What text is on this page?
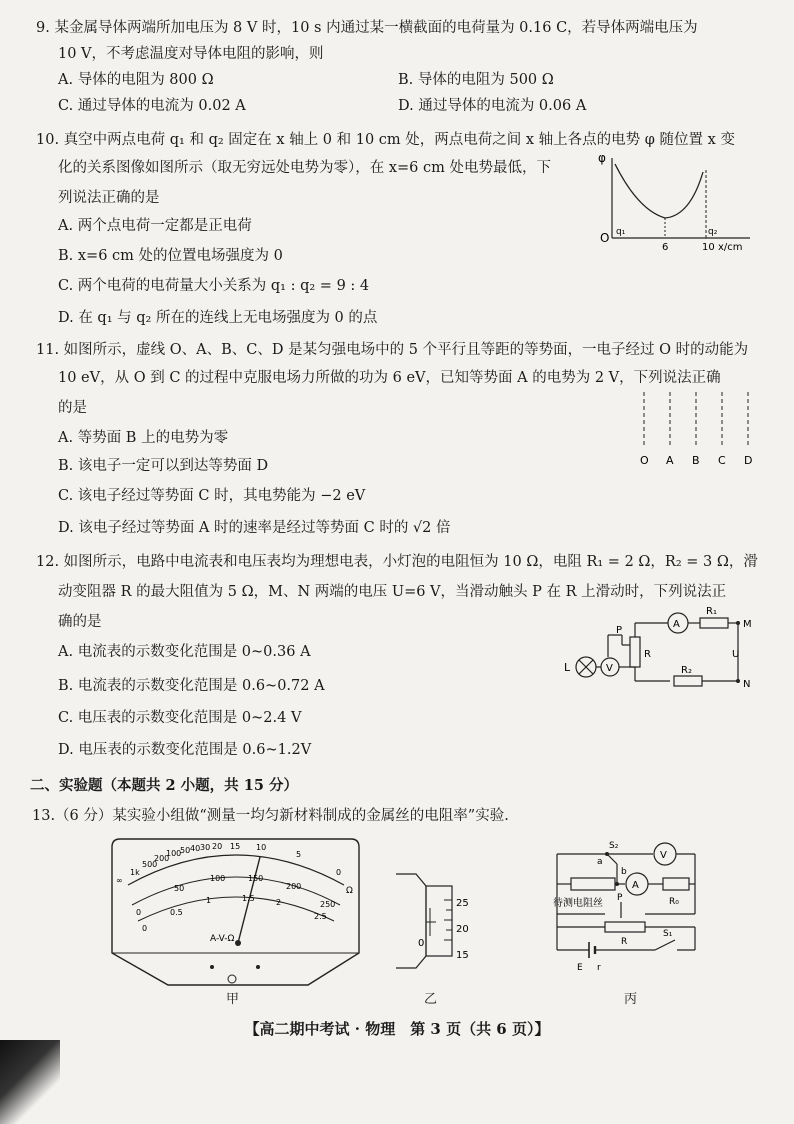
9. 某金属导体两端所加电压为 8 V 时，10 s 内通过某一横截面的电荷量为 0.16 C，若导体两端电压为
10 V，不考虑温度对导体电阻的影响，则
A. 导体的电阻为 800 Ω	B. 导体的电阻为 500 Ω
C. 通过导体的电流为 0.02 A	D. 通过导体的电流为 0.06 A
10. 真空中两点电荷 q₁ 和 q₂ 固定在 x 轴上 0 和 10 cm 处，两点电荷之间 x 轴上各点的电势 φ 随位置 x 变
化的关系图像如图所示（取无穷远处电势为零），在 x=6 cm 处电势最低，下
列说法正确的是
A. 两个点电荷一定都是正电荷
B. x=6 cm 处的位置电场强度为 0
C. 两个电荷的电荷量大小关系为 q₁ : q₂ = 9 : 4
D. 在 q₁ 与 q₂ 所在的连线上无电场强度为 0 的点
φ
O q₁	q₂
6	10 x/cm
11. 如图所示，虚线 O、A、B、C、D 是某匀强电场中的 5 个平行且等距的等势面，一电子经过 O 时的动能为
10 eV，从 O 到 C 的过程中克服电场力所做的功为 6 eV，已知等势面 A 的电势为 2 V，下列说法正确
的是
A. 等势面 B 上的电势为零
B. 该电子一定可以到达等势面 D
C. 该电子经过等势面 C 时，其电势能为 −2 eV
D. 该电子经过等势面 A 时的速率是经过等势面 C 时的 √2 倍
O A B C D
12. 如图所示，电路中电流表和电压表均为理想电表，小灯泡的电阻恒为 10 Ω，电阻 R₁ = 2 Ω，R₂ = 3 Ω，滑
动变阻器 R 的最大阻值为 5 Ω，M、N 两端的电压 U=6 V，当滑动触头 P 在 R 上滑动时，下列说法正
确的是
A. 电流表的示数变化范围是 0~0.36 A
B. 电流表的示数变化范围是 0.6~0.72 A
C. 电压表的示数变化范围是 0~2.4 V
D. 电压表的示数变化范围是 0.6~1.2V
A
V
R₁
R₂
R
P
L
M
N
U
二、实验题（本题共 2 小题，共 15 分）
13.（6 分）某实验小组做“测量一均匀新材料制成的金属丝的电阻率”实验.
∞
1k
500
200
100
50 40 30 20 15 10
5
0
Ω
0
50
100	150
200
250
0
0.5
1	1.5	2
2.5
A-V-Ω
甲
25
20
15
0
乙
S₂
a
b
V
A
待测电阻丝	R₀
P
R
S₁
E r
丙
【高二期中考试 · 物理　第 3 页（共 6 页）】
